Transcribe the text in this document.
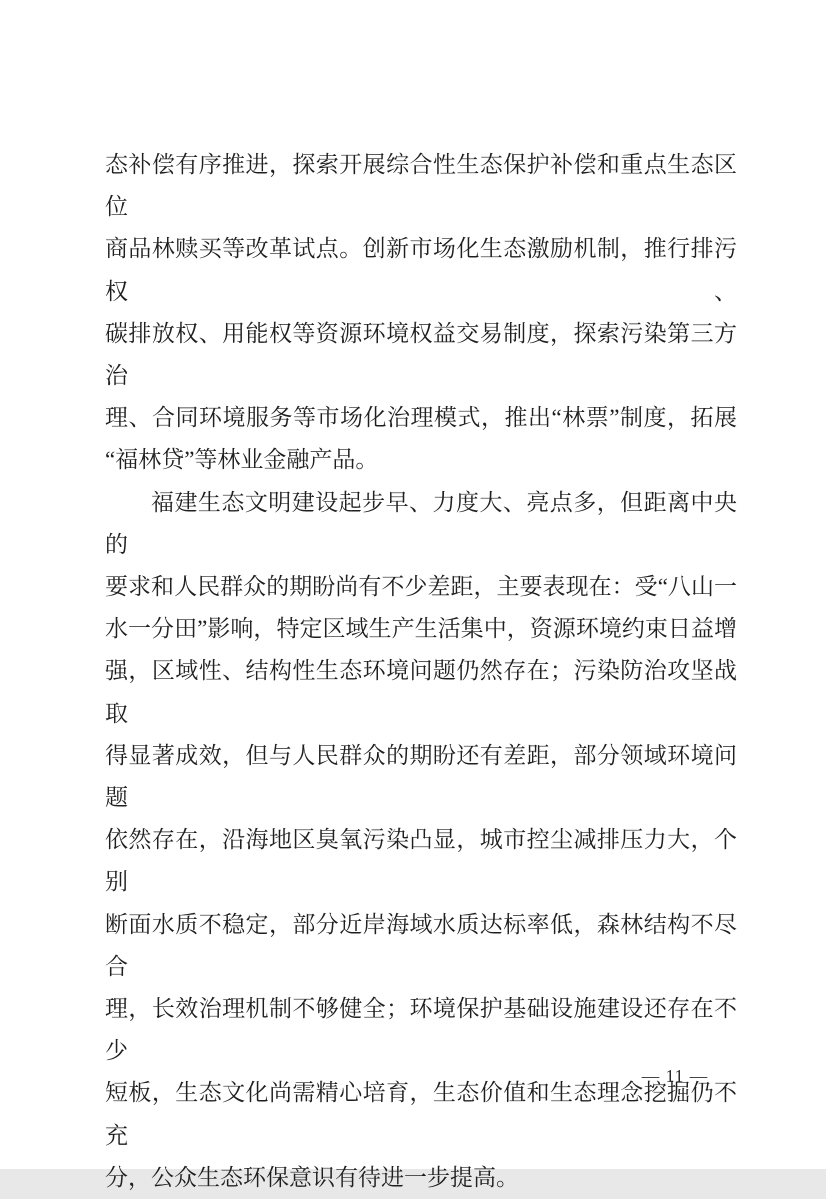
态补偿有序推进，探索开展综合性生态保护补偿和重点生态区位
商品林赎买等改革试点。创新市场化生态激励机制，推行排污权、
碳排放权、用能权等资源环境权益交易制度，探索污染第三方治
理、合同环境服务等市场化治理模式，推出“林票”制度，拓展
“福林贷”等林业金融产品。
福建生态文明建设起步早、力度大、亮点多，但距离中央的
要求和人民群众的期盼尚有不少差距，主要表现在：受“八山一
水一分田”影响，特定区域生产生活集中，资源环境约束日益增
强，区域性、结构性生态环境问题仍然存在；污染防治攻坚战取
得显著成效，但与人民群众的期盼还有差距，部分领域环境问题
依然存在，沿海地区臭氧污染凸显，城市控尘减排压力大，个别
断面水质不稳定，部分近岸海域水质达标率低，森林结构不尽合
理，长效治理机制不够健全；环境保护基础设施建设还存在不少
短板，生态文化尚需精心培育，生态价值和生态理念挖掘仍不充
分，公众生态环保意识有待进一步提高。
— 11 —
